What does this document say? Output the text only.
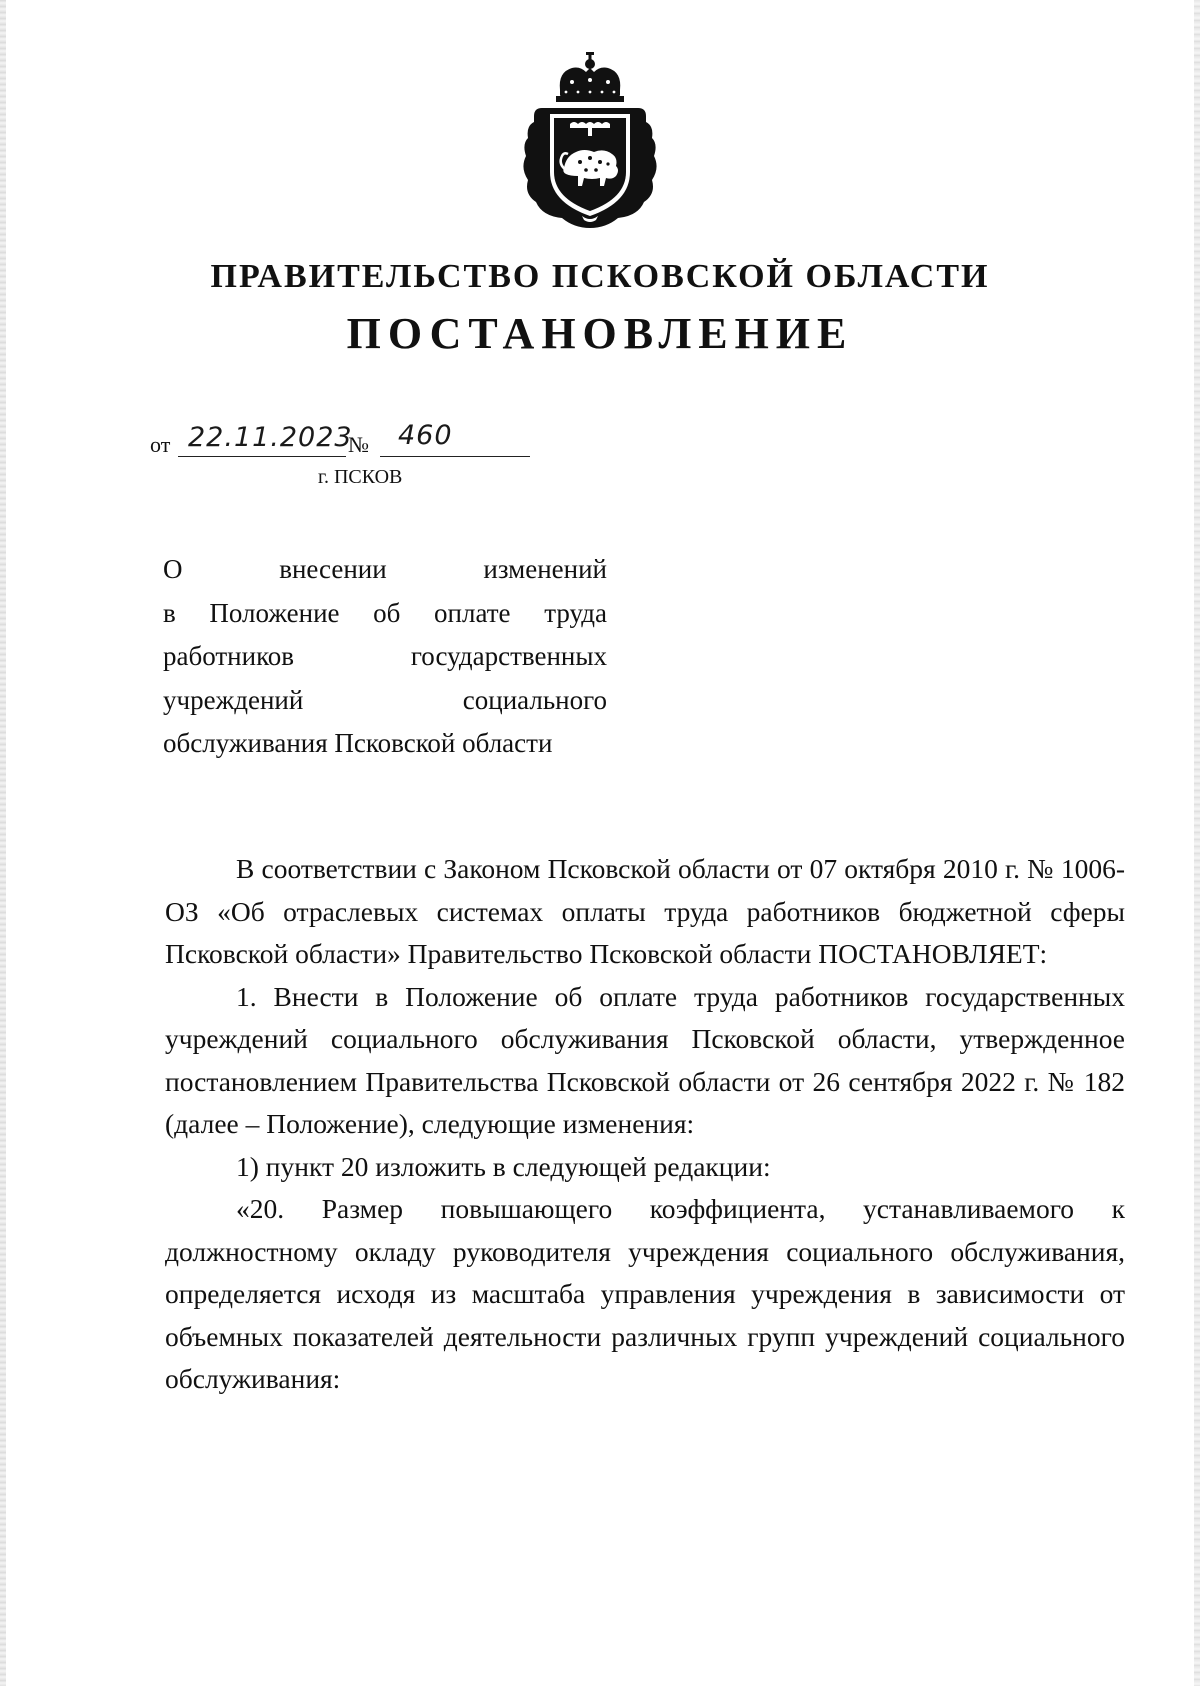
ПРАВИТЕЛЬСТВО ПСКОВСКОЙ ОБЛАСТИ
ПОСТАНОВЛЕНИЕ
от 22.11.2023
№ 460
г. ПСКОВ
О внесении изменений
в Положение об оплате труда
работников государственных
учреждений социального
обслуживания Псковской области

В соответствии с Законом Псковской области от 07 октября 2010 г. № 1006-ОЗ «Об отраслевых системах оплаты труда работников бюджетной сферы Псковской области» Правительство Псковской области ПОСТАНОВЛЯЕТ:

1. Внести в Положение об оплате труда работников государственных учреждений социального обслуживания Псковской области, утвержденное постановлением Правительства Псковской области от 26 сентября 2022 г. № 182 (далее – Положение), следующие изменения:

1) пункт 20 изложить в следующей редакции:

«20. Размер повышающего коэффициента, устанавливаемого к должностному окладу руководителя учреждения социального обслуживания, определяется исходя из масштаба управления учреждения в зависимости от объемных показателей деятельности различных групп учреждений социального обслуживания:
